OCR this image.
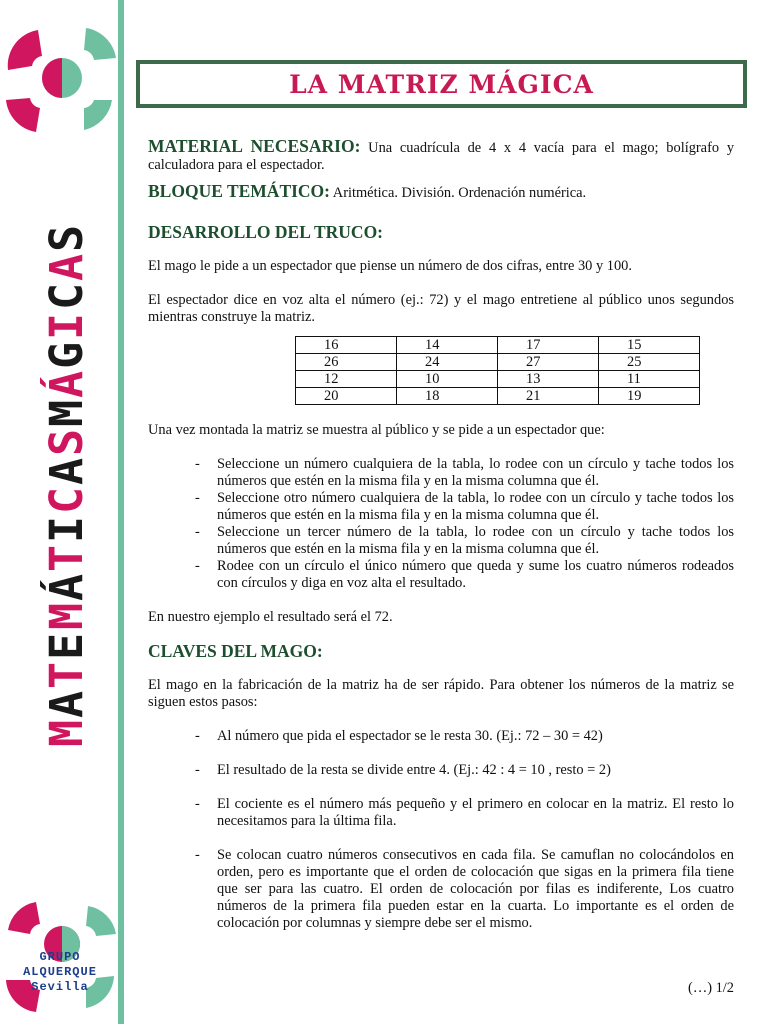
M
A
T
E
M
Á
T
I
C
A
S
M
Á
G
I
C
A
S
GRUPO
ALQUERQUE
Sevilla
LA MATRIZ MÁGICA

MATERIAL NECESARIO: Una cuadrícula de 4 x 4 vacía para el mago; bolígrafo y calculadora para el espectador.

BLOQUE TEMÁTICO: Aritmética. División. Ordenación numérica.

DESARROLLO DEL TRUCO:

El mago le pide a un espectador que piense un número de dos cifras, entre 30 y 100.

El espectador dice en voz alta el número (ej.: 72) y el mago entretiene al público unos segundos mientras construye la matriz.

16	14	17	15
26	24	27	25
12	10	13	11
20	18	21	19

Una vez montada la matriz se muestra al público y se pide a un espectador que:

- Seleccione un número cualquiera de la tabla, lo rodee con un círculo y tache todos los números que estén en la misma fila y en la misma columna que él.
- Seleccione otro número cualquiera de la tabla, lo rodee con un círculo y tache todos los números que estén en la misma fila y en la misma columna que él.
- Seleccione un tercer número de la tabla, lo rodee con un círculo y tache todos los números que estén en la misma fila y en la misma columna que él.
- Rodee con un círculo el único número que queda y sume los cuatro números rodeados con círculos y diga en voz alta el resultado.

En nuestro ejemplo el resultado será el 72.

CLAVES DEL MAGO:

El mago en la fabricación de la matriz ha de ser rápido. Para obtener los números de la matriz se siguen estos pasos:

- Al número que pida el espectador se le resta 30. (Ej.: 72 – 30 = 42)
- El resultado de la resta se divide entre 4. (Ej.: 42 : 4 = 10 , resto = 2)
- El cociente es el número más pequeño y el primero en colocar en la matriz. El resto lo necesitamos para la última fila.
- Se colocan cuatro números consecutivos en cada fila. Se camuflan no colocándolos en orden, pero es importante que el orden de colocación que sigas en la primera fila tiene que ser para las cuatro. El orden de colocación por filas es indiferente, Los cuatro números de la primera fila pueden estar en la cuarta. Lo importante es el orden de colocación por columnas y siempre debe ser el mismo.
(…) 1/2
